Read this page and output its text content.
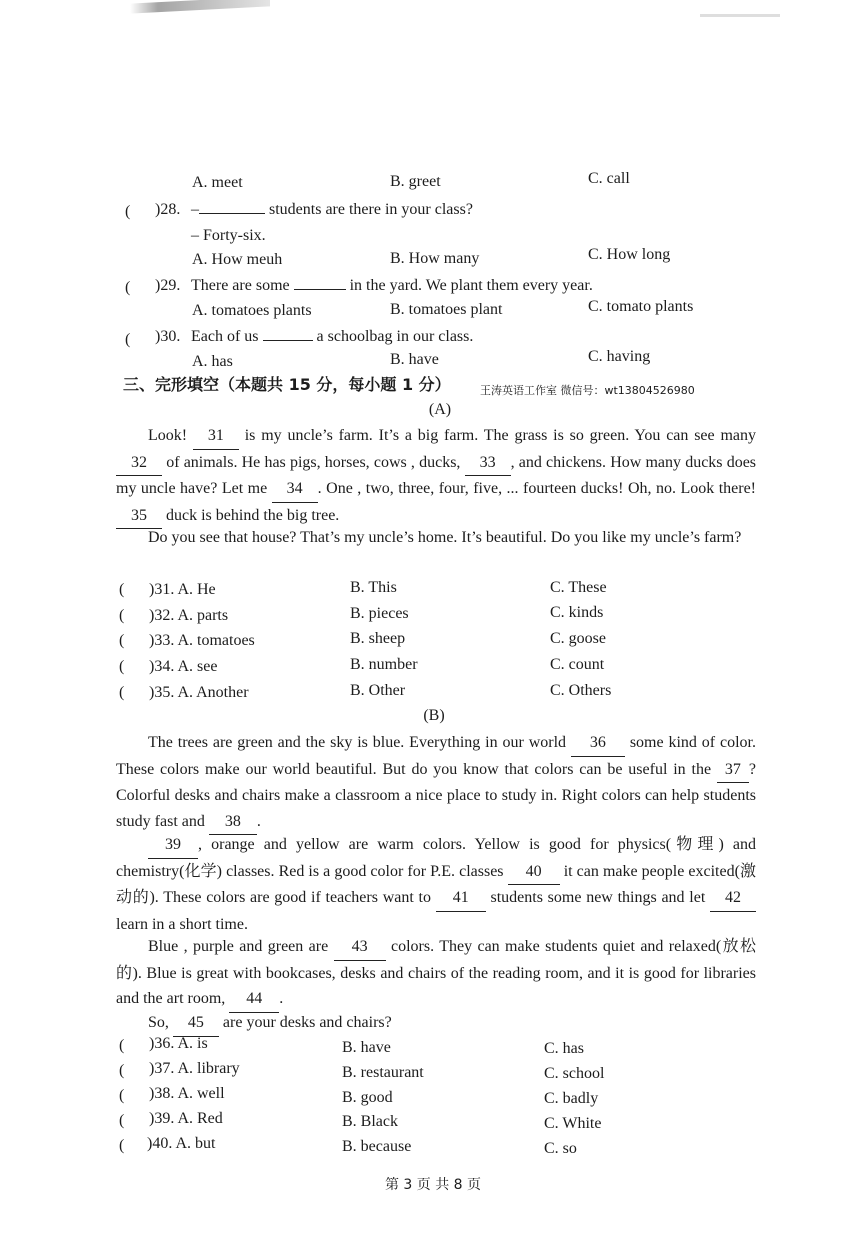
A. meet	B. greet	C. call
( )28. –	students are there in your class?
– Forty-six.
A. How meuh	B. How many	C. How long
( )29. There are some	in the yard. We plant them every year.
A. tomatoes plants	B. tomatoes plant	C. tomato plants
( )30. Each of us	a schoolbag in our class.
A. has	B. have	C. having
三、完形填空（本题共 15 分，每小题 1 分）	王涛英语工作室 微信号：wt13804526980
(A)
Look! 31 is my uncle’s farm. It’s a big farm. The grass is so green. You can see many 32 of animals. He has pigs, horses, cows , ducks, 33 , and chickens. How many ducks does my uncle have? Let me 34 . One , two, three, four, five, ... fourteen ducks! Oh, no. Look there! 35 duck is behind the big tree.
Do you see that house? That’s my uncle’s home. It’s beautiful. Do you like my uncle’s farm?
( )31. A. He	B. This	C. These
( )32. A. parts	B. pieces	C. kinds
( )33. A. tomatoes	B. sheep	C. goose
( )34. A. see	B. number	C. count
( )35. A. Another	B. Other	C. Others
(B)
The trees are green and the sky is blue. Everything in our world 36 some kind of color. These colors make our world beautiful. But do you know that colors can be useful in the 37 ? Colorful desks and chairs make a classroom a nice place to study in. Right colors can help students study fast and 38 .
39 , orange and yellow are warm colors. Yellow is good for physics(物理) and chemistry(化学) classes. Red is a good color for P.E. classes 40 it can make people excited(激动的). These colors are good if teachers want to 41 students some new things and let 42 learn in a short time.
Blue , purple and green are 43 colors. They can make students quiet and relaxed(放松的). Blue is great with bookcases, desks and chairs of the reading room, and it is good for libraries and the art room, 44 .
So, 45 are your desks and chairs?
( )36. A. is	B. have	C. has
( )37. A. library	B. restaurant	C. school
( )38. A. well	B. good	C. badly
( )39. A. Red	B. Black	C. White
( )40. A. but	B. because	C. so
第 3 页 共 8 页
